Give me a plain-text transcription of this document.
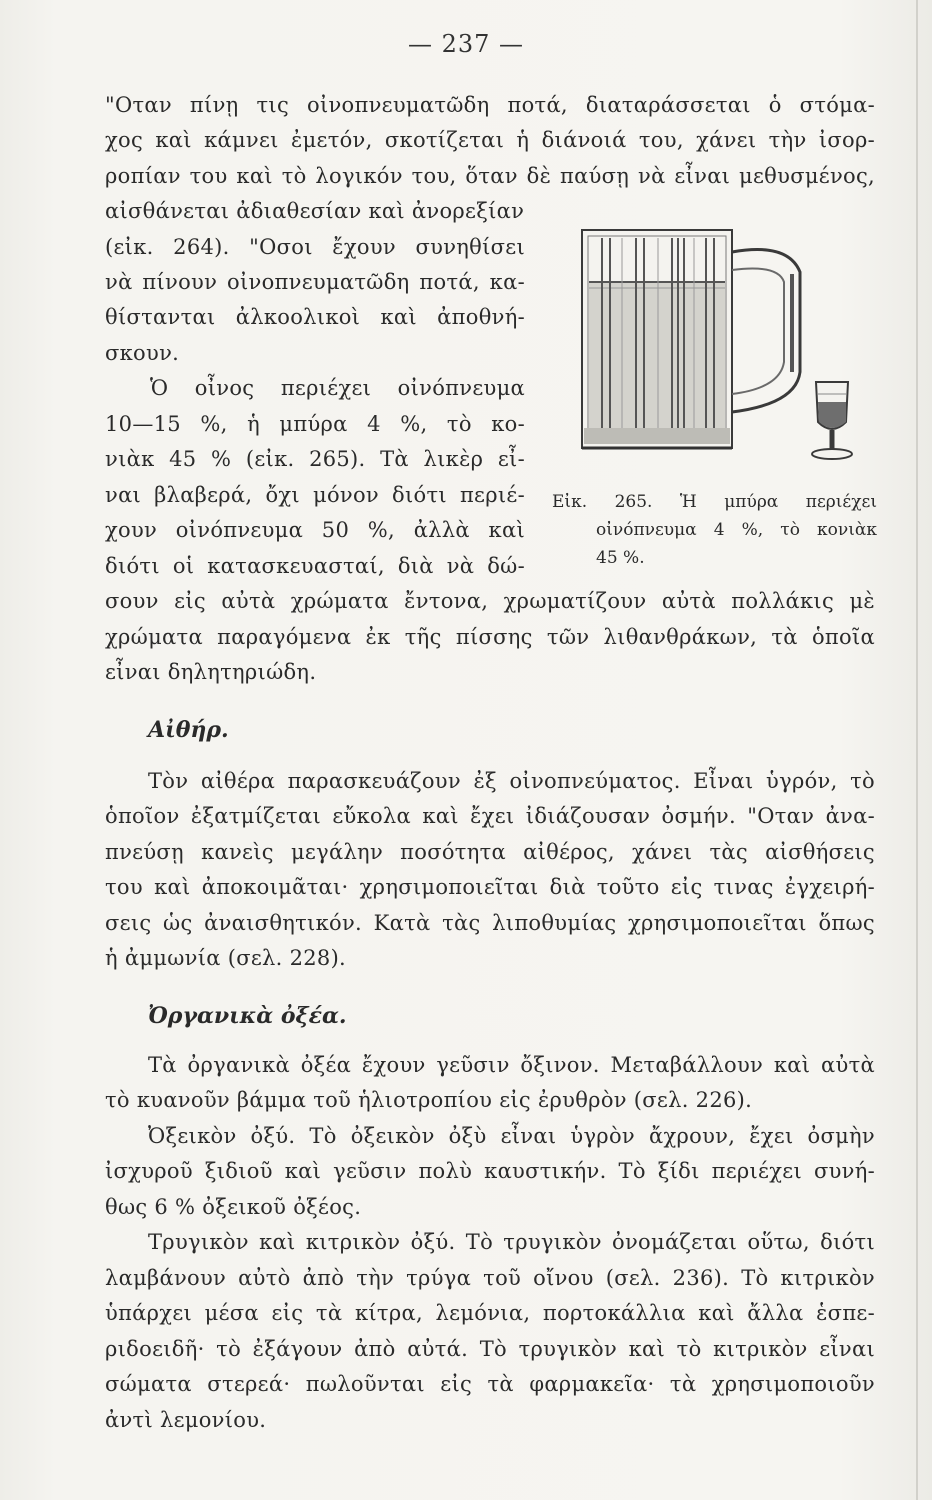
— 237 —
"Οταν πίνῃ τις οἰνοπνευματῶδη ποτά, διαταράσσεται ὁ στόμα-
χος καὶ κάμνει ἐμετόν, σκοτίζεται ἡ διάνοιά του, χάνει τὴν ἰσορ-
ροπίαν του καὶ τὸ λογικόν του, ὅταν δὲ παύσῃ νὰ εἶναι μεθυσμένος,
αἰσθάνεται ἀδιαθεσίαν καὶ ἀνορεξίαν
(εἰκ. 264). "Οσοι ἔχουν συνηθίσει
νὰ πίνουν οἰνοπνευματῶδη ποτά, κα-
θίστανται ἀλκοολικοὶ καὶ ἀποθνή-
σκουν.
Ὁ οἶνος περιέχει οἰνόπνευμα
10—15 %, ἡ μπύρα 4 %, τὸ κο-
νιὰκ 45 % (εἰκ. 265). Τὰ λικὲρ εἶ-
ναι βλαβερά, ὄχι μόνον διότι περιέ-
χουν οἰνόπνευμα 50 %, ἀλλὰ καὶ
διότι οἱ κατασκευασταί, διὰ νὰ δώ-
σουν εἰς αὐτὰ χρώματα ἔντονα, χρωματίζουν αὐτὰ πολλάκις μὲ
χρώματα παραγόμενα ἐκ τῆς πίσσης τῶν λιθανθράκων, τὰ ὁποῖα
εἶναι δηλητηριώδη.
Εἰκ. 265. Ἡ μπύρα περιέχει
οἰνόπνευμα 4 %, τὸ κονιὰκ
45 %.
Αἰθήρ.
Τὸν αἰθέρα παρασκευάζουν ἐξ οἰνοπνεύματος. Εἶναι ὑγρόν, τὸ
ὁποῖον ἐξατμίζεται εὔκολα καὶ ἔχει ἰδιάζουσαν ὀσμήν. "Οταν ἀνα-
πνεύσῃ κανεὶς μεγάλην ποσότητα αἰθέρος, χάνει τὰς αἰσθήσεις
του καὶ ἀποκοιμᾶται· χρησιμοποιεῖται διὰ τοῦτο εἰς τινας ἐγχειρή-
σεις ὡς ἀναισθητικόν. Κατὰ τὰς λιποθυμίας χρησιμοποιεῖται ὅπως
ἡ ἀμμωνία (σελ. 228).
Ὀργανικὰ ὀξέα.
Τὰ ὀργανικὰ ὀξέα ἔχουν γεῦσιν ὄξινον. Μεταβάλλουν καὶ αὐτὰ
τὸ κυανοῦν βάμμα τοῦ ἡλιοτροπίου εἰς ἐρυθρὸν (σελ. 226).
Ὀξεικὸν ὀξύ. Τὸ ὀξεικὸν ὀξὺ εἶναι ὑγρὸν ἄχρουν, ἔχει ὀσμὴν
ἰσχυροῦ ξιδιοῦ καὶ γεῦσιν πολὺ καυστικήν. Τὸ ξίδι περιέχει συνή-
θως 6 % ὀξεικοῦ ὀξέος.
Τρυγικὸν καὶ κιτρικὸν ὀξύ. Τὸ τρυγικὸν ὀνομάζεται οὕτω, διότι
λαμβάνουν αὐτὸ ἀπὸ τὴν τρύγα τοῦ οἴνου (σελ. 236). Τὸ κιτρικὸν
ὑπάρχει μέσα εἰς τὰ κίτρα, λεμόνια, πορτοκάλλια καὶ ἄλλα ἑσπε-
ριδοειδῆ· τὸ ἐξάγουν ἀπὸ αὐτά. Τὸ τρυγικὸν καὶ τὸ κιτρικὸν εἶναι
σώματα στερεά· πωλοῦνται εἰς τὰ φαρμακεῖα· τὰ χρησιμοποιοῦν
ἀντὶ λεμονίου.
